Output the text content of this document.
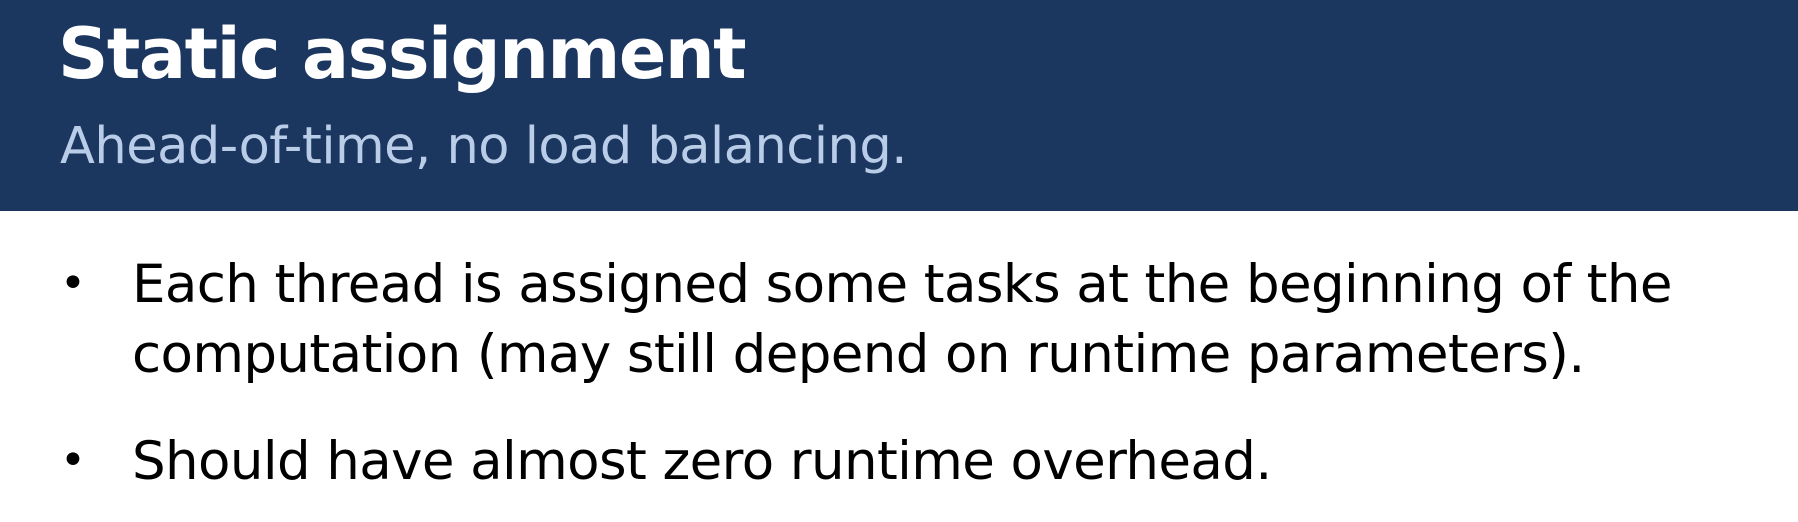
Static assignment

Ahead-of-time, no load balancing.

• Each thread is assigned some tasks at the beginning of the
computation (may still depend on runtime parameters).
• Should have almost zero runtime overhead.
